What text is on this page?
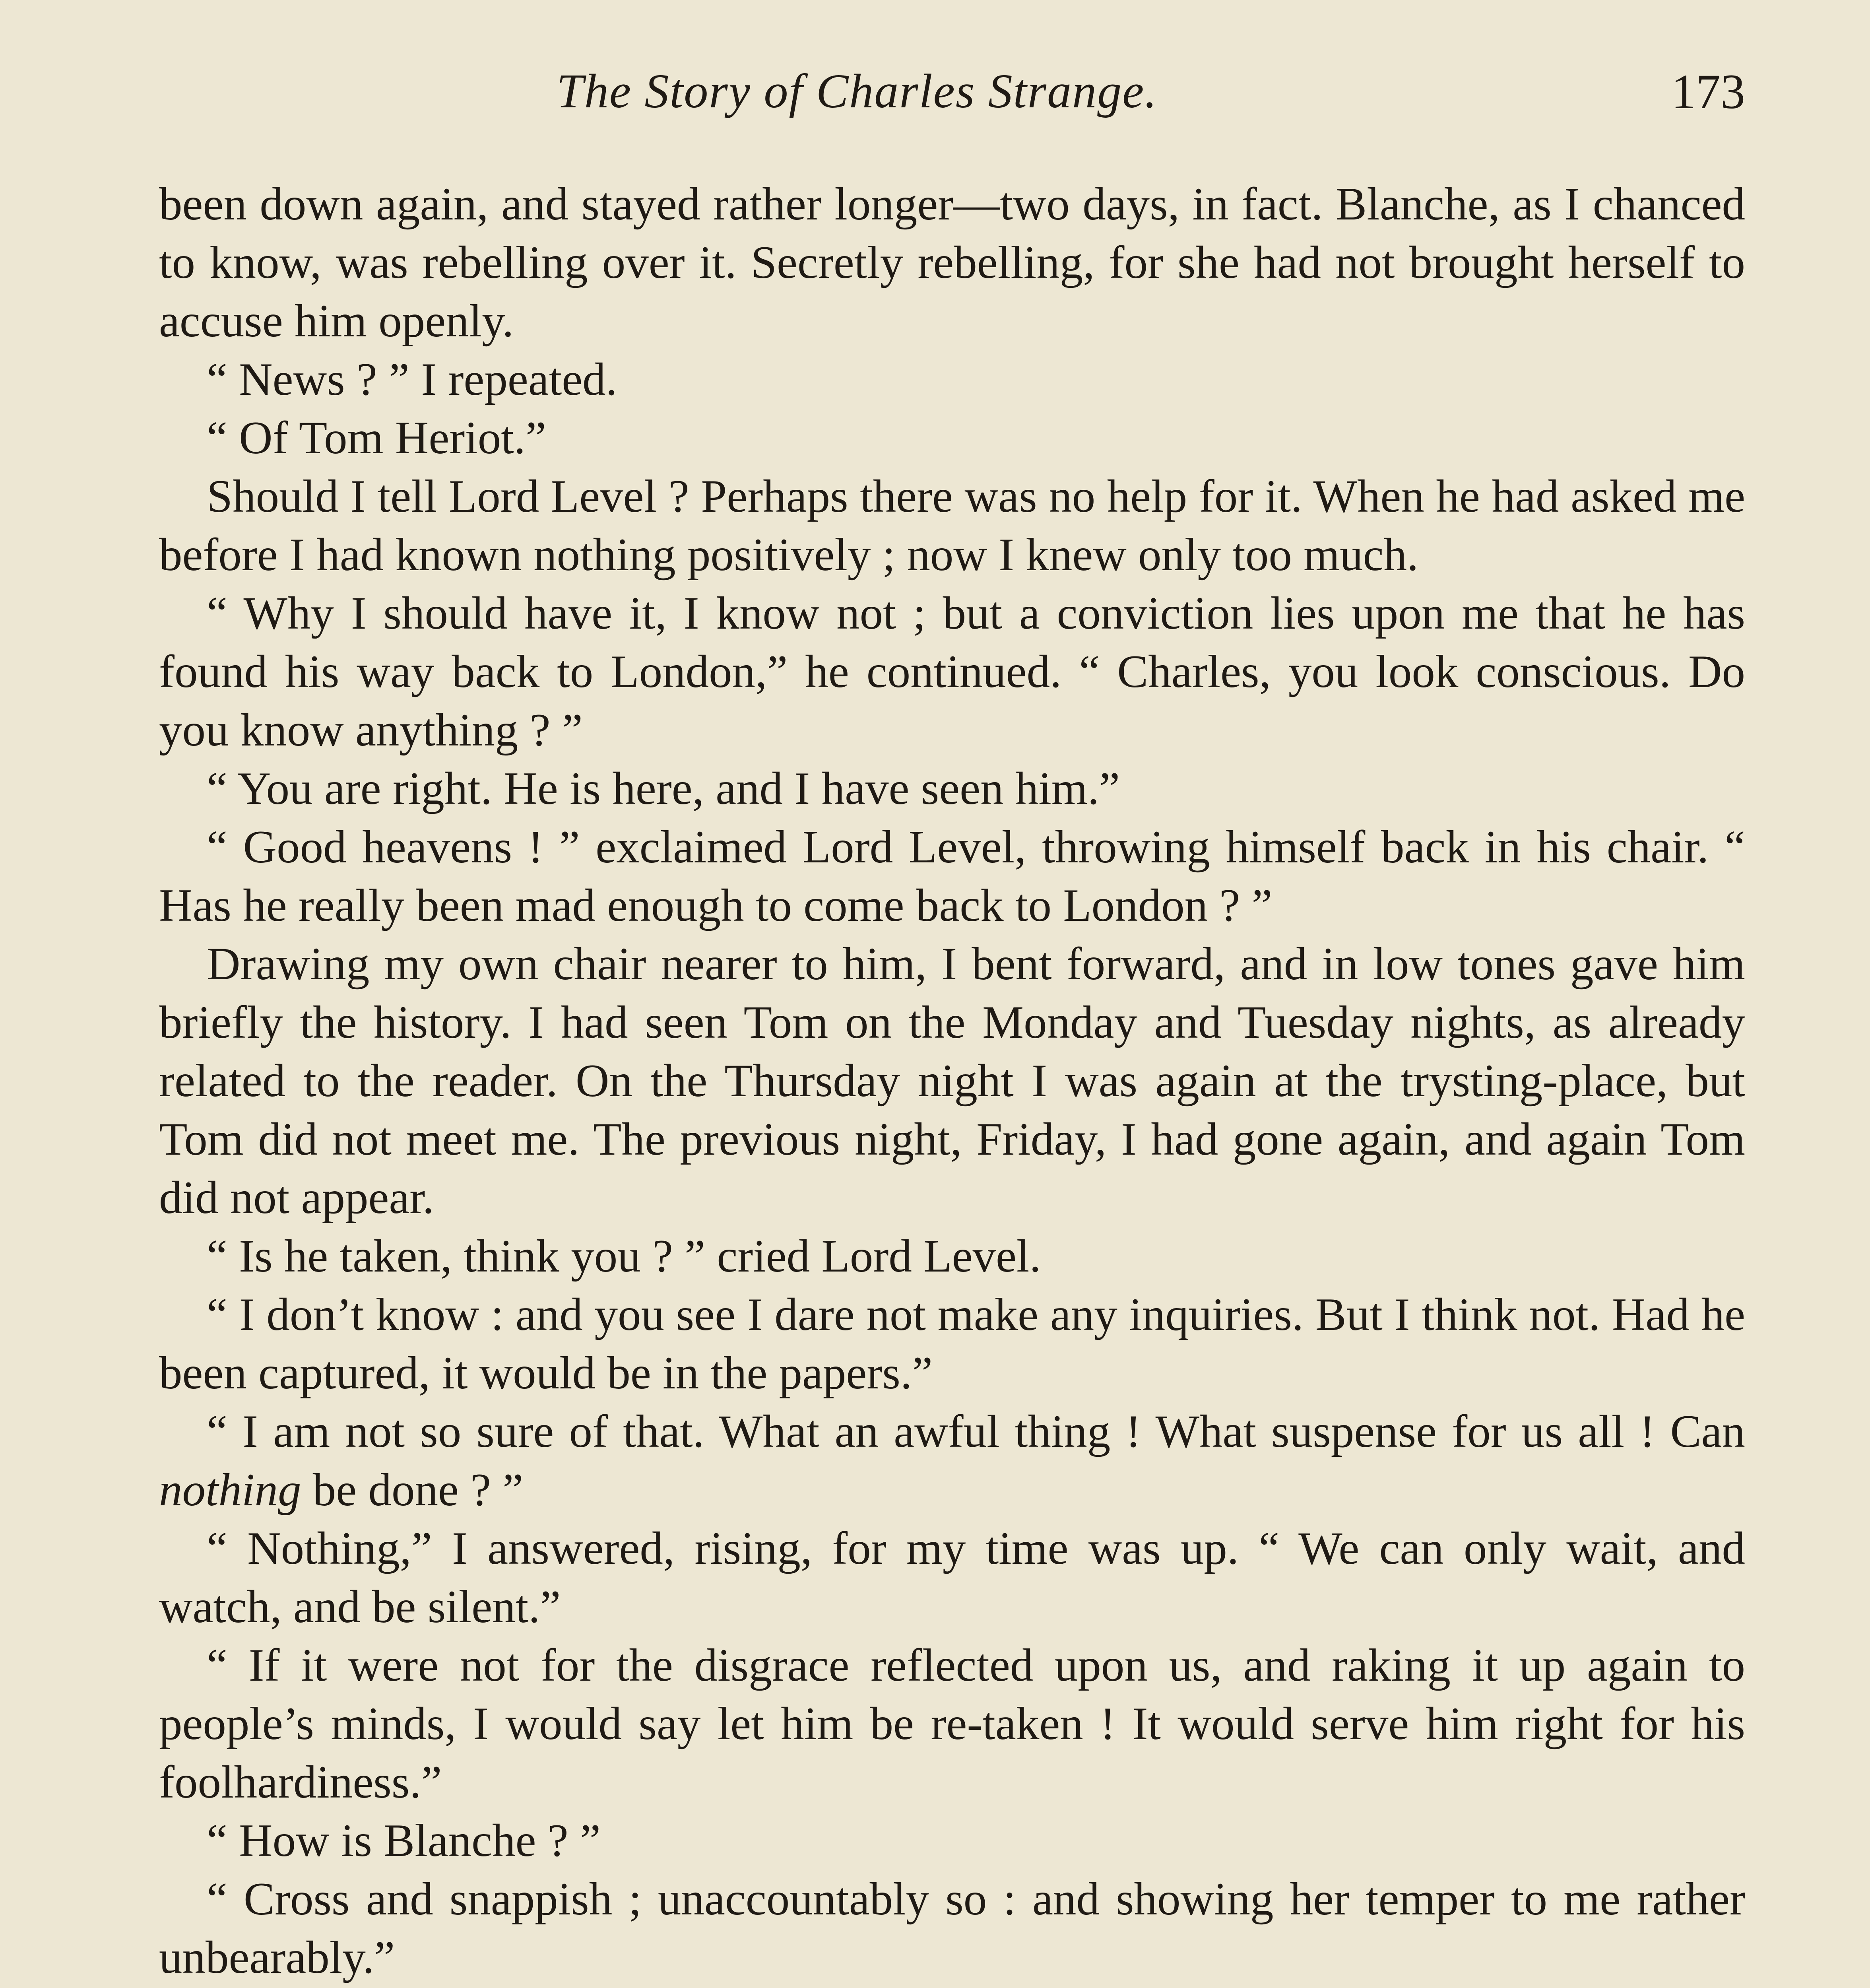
The Story of Charles Strange.	173

been down again, and stayed rather longer—two days, in fact. Blanche, as I chanced to know, was rebelling over it. Secretly rebelling, for she had not brought herself to accuse him openly.

“ News ? ” I repeated.

“ Of Tom Heriot.”

Should I tell Lord Level ? Perhaps there was no help for it. When he had asked me before I had known nothing positively ; now I knew only too much.

“ Why I should have it, I know not ; but a conviction lies upon me that he has found his way back to London,” he continued. “ Charles, you look conscious. Do you know anything ? ”

“ You are right. He is here, and I have seen him.”

“ Good heavens ! ” exclaimed Lord Level, throwing himself back in his chair. “ Has he really been mad enough to come back to London ? ”

Drawing my own chair nearer to him, I bent forward, and in low tones gave him briefly the history. I had seen Tom on the Monday and Tuesday nights, as already related to the reader. On the Thursday night I was again at the trysting-place, but Tom did not meet me. The previous night, Friday, I had gone again, and again Tom did not appear.

“ Is he taken, think you ? ” cried Lord Level.

“ I don’t know : and you see I dare not make any inquiries. But I think not. Had he been captured, it would be in the papers.”

“ I am not so sure of that. What an awful thing ! What suspense for us all ! Can nothing be done ? ”

“ Nothing,” I answered, rising, for my time was up. “ We can only wait, and watch, and be silent.”

“ If it were not for the disgrace reflected upon us, and raking it up again to people’s minds, I would say let him be re-taken ! It would serve him right for his foolhardiness.”

“ How is Blanche ? ”

“ Cross and snappish ; unaccountably so : and showing her temper to me rather unbearably.”
